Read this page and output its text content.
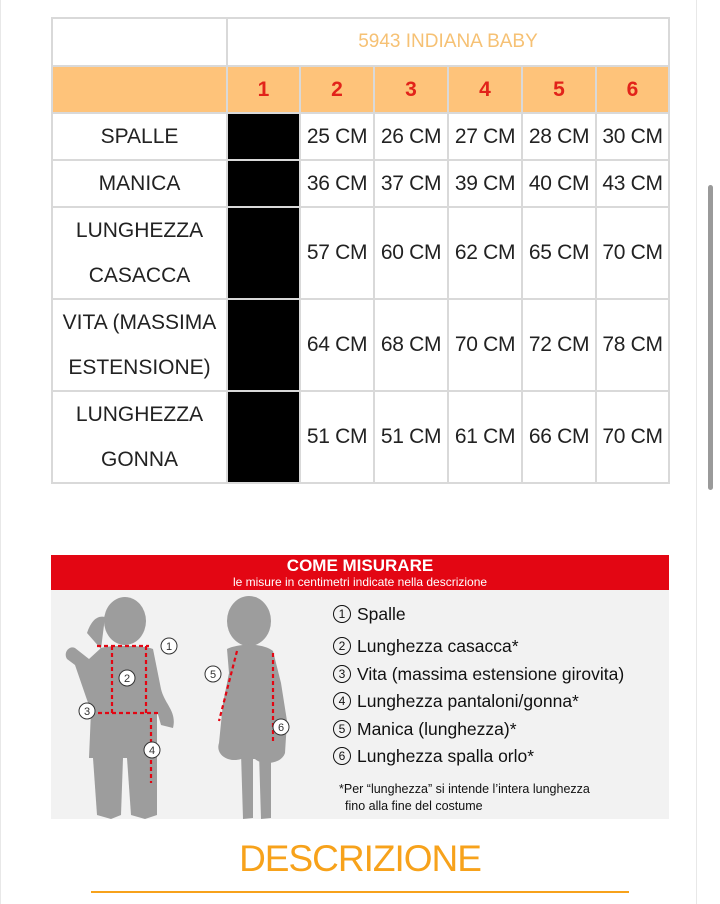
	5943 INDIANA BABY					
	1	2	3	4	5	6

SPALLE		25 CM	26 CM	27 CM	28 CM	30 CM

MANICA		36 CM	37 CM	39 CM	40 CM	43 CM

LUNGHEZZA
CASACCA		57 CM	60 CM	62 CM	65 CM	70 CM

VITA (MASSIMA
ESTENSIONE)		64 CM	68 CM	70 CM	72 CM	78 CM

LUNGHEZZA
GONNA		51 CM	51 CM	61 CM	66 CM	70 CM
COME MISURARE
le misure in centimetri indicate nella descrizione
1
2
3
4
5
6
1 Spalle
2 Lunghezza casacca*
3 Vita (massima estensione girovita)
4 Lunghezza pantaloni/gonna*
5 Manica (lunghezza)*
6 Lunghezza spalla orlo*
*Per “lunghezza” si intende l’intera lunghezza
fino alla fine del costume
DESCRIZIONE
